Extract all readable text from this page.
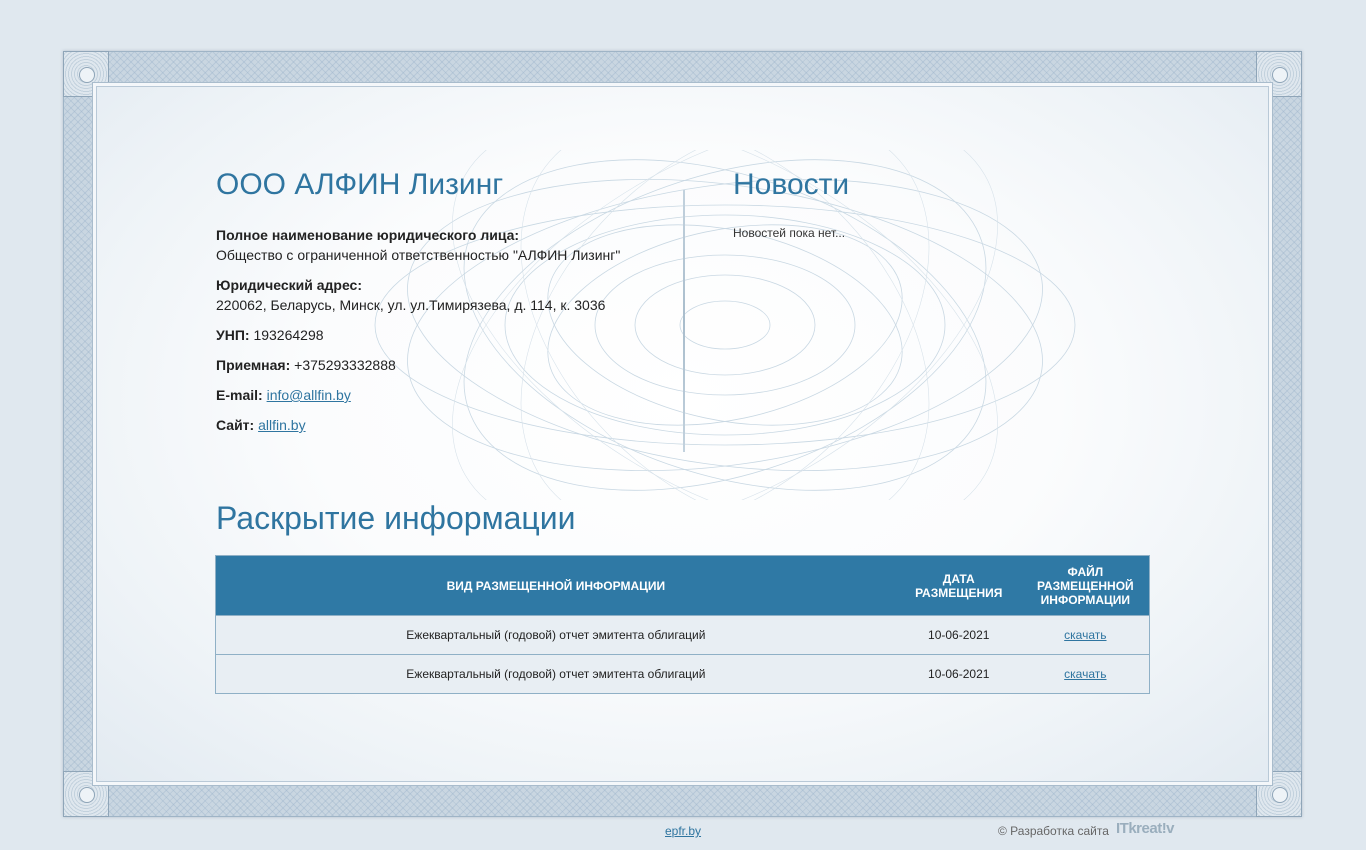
ООО АЛФИН Лизинг
Полное наименование юридического лица:
Общество с ограниченной ответственностью "АЛФИН Лизинг"
Юридический адрес:
220062, Беларусь, Минск, ул. ул.Тимирязева, д. 114, к. 3036
УНП: 193264298
Приемная: +375293332888
E-mail: info@allfin.by
Сайт: allfin.by
Новости
Новостей пока нет...
Раскрытие информации
ВИД РАЗМЕЩЕННОЙ ИНФОРМАЦИИ	ДАТА РАЗМЕЩЕНИЯ	ФАЙЛ РАЗМЕЩЕННОЙ ИНФОРМАЦИИ
Ежеквартальный (годовой) отчет эмитента облигаций	10-06-2021	скачать
Ежеквартальный (годовой) отчет эмитента облигаций	10-06-2021	скачать
epfr.by	© Разработка сайта ITkreat!v
